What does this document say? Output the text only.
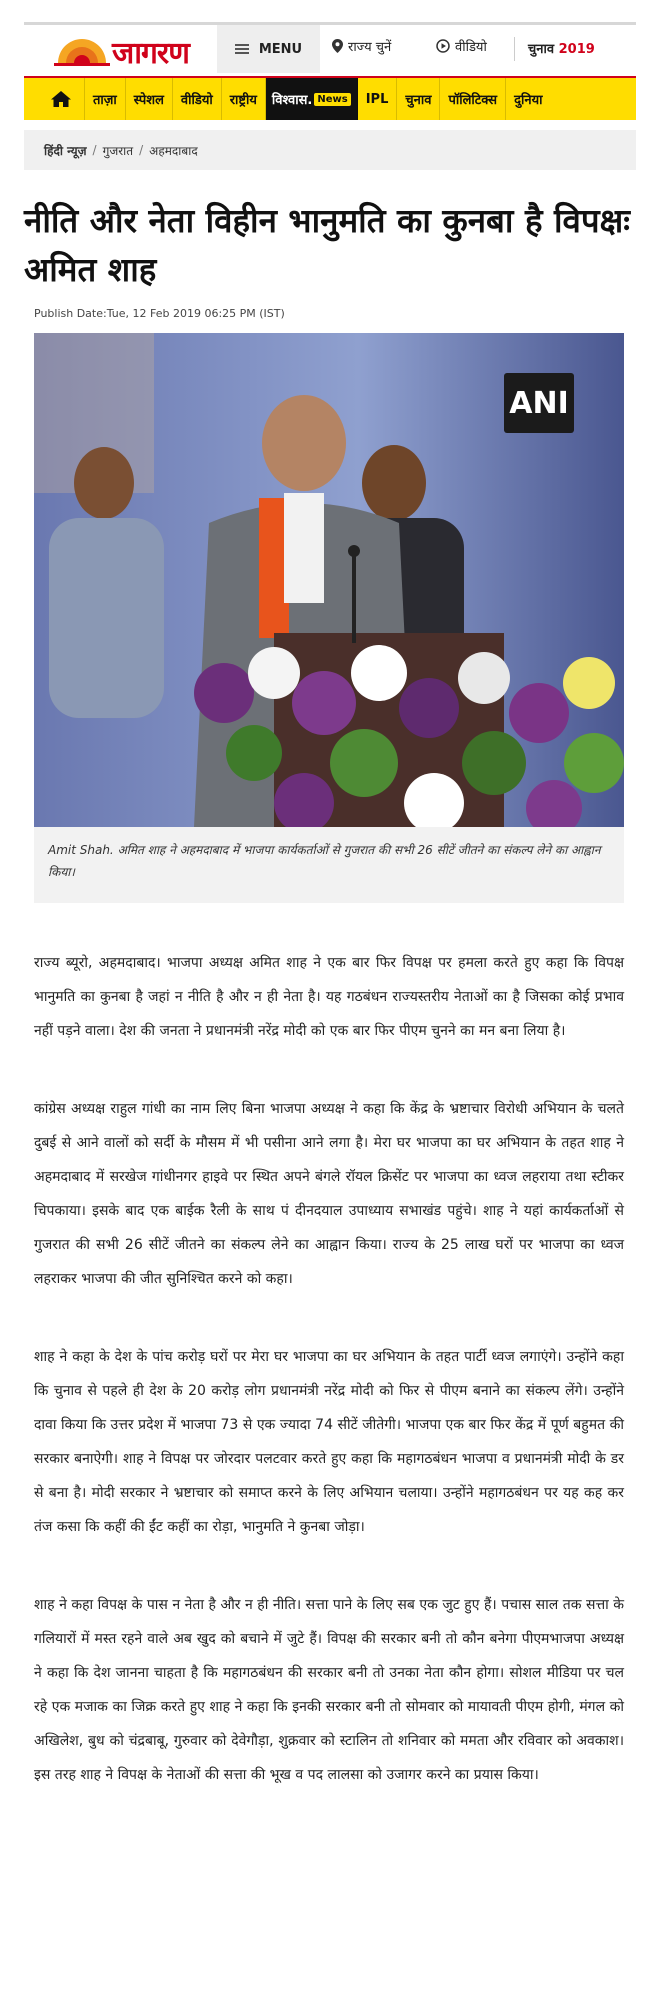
जागरण	MENU	राज्य चुनें	वीडियो	चुनाव 2019
ताज़ा	स्पेशल	वीडियो	राष्ट्रीय	विश्वास. News	IPL	चुनाव	पॉलिटिक्स	दुनिया
हिंदी न्यूज़ / गुजरात / अहमदाबाद
नीति और नेता विहीन भानुमति का कुनबा है विपक्षः अमित शाह
Publish Date:Tue, 12 Feb 2019 06:25 PM (IST)
ANI
Amit Shah. अमित शाह ने अहमदाबाद में भाजपा कार्यकर्ताओं से गुजरात की सभी 26 सीटें जीतने का संकल्प लेने का आह्वान किया।

राज्य ब्यूरो, अहमदाबाद। भाजपा अध्यक्ष अमित शाह ने एक बार फिर विपक्ष पर हमला करते हुए कहा कि विपक्ष भानुमति का कुनबा है जहां न नीति है और न ही नेता है। यह गठबंधन राज्यस्तरीय नेताओं का है जिसका कोई प्रभाव नहीं पड़ने वाला। देश की जनता ने प्रधानमंत्री नरेंद्र मोदी को एक बार फिर पीएम चुनने का मन बना लिया है।

कांग्रेस अध्यक्ष राहुल गांधी का नाम लिए बिना भाजपा अध्यक्ष ने कहा कि केंद्र के भ्रष्टाचार विरोधी अभियान के चलते दुबई से आने वालों को सर्दी के मौसम में भी पसीना आने लगा है। मेरा घर भाजपा का घर अभियान के तहत शाह ने अहमदाबाद में सरखेज गांधीनगर हाइवे पर स्थित अपने बंगले रॉयल क्रिसेंट पर भाजपा का ध्वज लहराया तथा स्टीकर चिपकाया। इसके बाद एक बाईक रैली के साथ पं दीनदयाल उपाध्याय सभाखंड पहुंचे। शाह ने यहां कार्यकर्ताओं से गुजरात की सभी 26 सीटें जीतने का संकल्प लेने का आह्वान किया। राज्य के 25 लाख घरों पर भाजपा का ध्वज लहराकर भाजपा की जीत सुनिश्चित करने को कहा।

शाह ने कहा के देश के पांच करोड़ घरों पर मेरा घर भाजपा का घर अभियान के तहत पार्टी ध्वज लगाएंगे। उन्होंने कहा कि चुनाव से पहले ही देश के 20 करोड़ लोग प्रधानमंत्री नरेंद्र मोदी को फिर से पीएम बनाने का संकल्प लेंगे। उन्होंने दावा किया कि उत्तर प्रदेश में भाजपा 73 से एक ज्यादा 74 सीटें जीतेगी। भाजपा एक बार फिर केंद्र में पूर्ण बहुमत की सरकार बनाऐगी। शाह ने विपक्ष पर जोरदार पलटवार करते हुए कहा कि महागठबंधन भाजपा व प्रधानमंत्री मोदी के डर से बना है। मोदी सरकार ने भ्रष्टाचार को समाप्त करने के लिए अभियान चलाया। उन्होंने महागठबंधन पर यह कह कर तंज कसा कि कहीं की ईंट कहीं का रोड़ा, भानुमति ने कुनबा जोड़ा।

शाह ने कहा विपक्ष के पास न नेता है और न ही नीति। सत्ता पाने के लिए सब एक जुट हुए हैं। पचास साल तक सत्ता के गलियारों में मस्त रहने वाले अब खुद को बचाने में जुटे हैं। विपक्ष की सरकार बनी तो कौन बनेगा पीएमभाजपा अध्यक्ष ने कहा कि देश जानना चाहता है कि महागठबंधन की सरकार बनी तो उनका नेता कौन होगा। सोशल मीडिया पर चल रहे एक मजाक का जिक्र करते हुए शाह ने कहा कि इनकी सरकार बनी तो सोमवार को मायावती पीएम होगी, मंगल को अखिलेश, बुध को चंद्रबाबू, गुरुवार को देवेगौड़ा, शुक्रवार को स्टालिन तो शनिवार को ममता और रविवार को अवकाश। इस तरह शाह ने विपक्ष के नेताओं की सत्ता की भूख व पद लालसा को उजागर करने का प्रयास किया।
